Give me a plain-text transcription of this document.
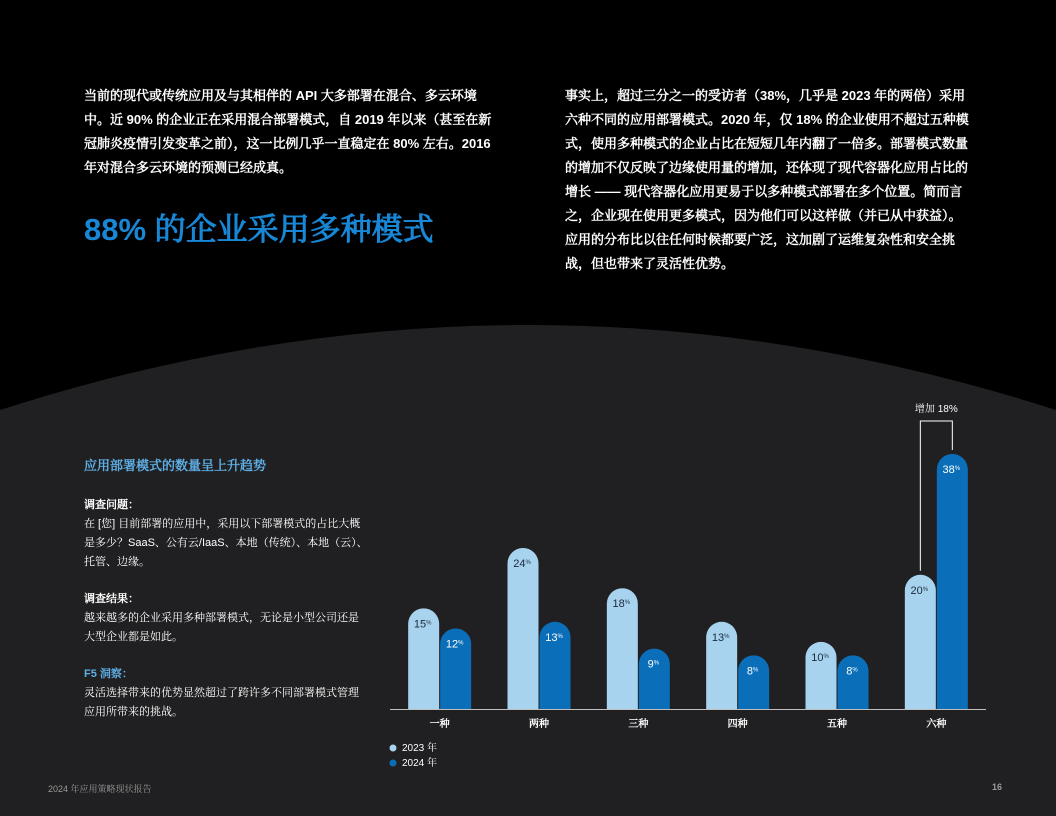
当前的现代或传统应用及与其相伴的 API 大多部署在混合、多云环境中。近 90% 的企业正在采用混合部署模式，自 2019 年以来（甚至在新冠肺炎疫情引发变革之前），这一比例几乎一直稳定在 80% 左右。2016 年对混合多云环境的预测已经成真。
88% 的企业采用多种模式
事实上，超过三分之一的受访者（38%，几乎是 2023 年的两倍）采用六种不同的应用部署模式。2020 年，仅 18% 的企业使用不超过五种模式，使用多种模式的企业占比在短短几年内翻了一倍多。部署模式数量的增加不仅反映了边缘使用量的增加，还体现了现代容器化应用占比的增长 —— 现代容器化应用更易于以多种模式部署在多个位置。简而言之，企业现在使用更多模式，因为他们可以这样做（并已从中获益）。应用的分布比以往任何时候都要广泛，这加剧了运维复杂性和安全挑战，但也带来了灵活性优势。
应用部署模式的数量呈上升趋势
调查问题：
在 [您] 目前部署的应用中，采用以下部署模式的占比大概是多少？SaaS、公有云/IaaS、本地（传统）、本地（云）、托管、边缘。
调查结果：
越来越多的企业采用多种部署模式，无论是小型公司还是大型企业都是如此。
F5 洞察：
灵活选择带来的优势显然超过了跨许多不同部署模式管理应用所带来的挑战。
15%
12%
一种
24%
13%
两种
18%
9%
三种
13%
8%
四种
10%
8%
五种
20%
38%
六种
增加 18%
2023 年
2024 年
2024 年应用策略现状报告	16
